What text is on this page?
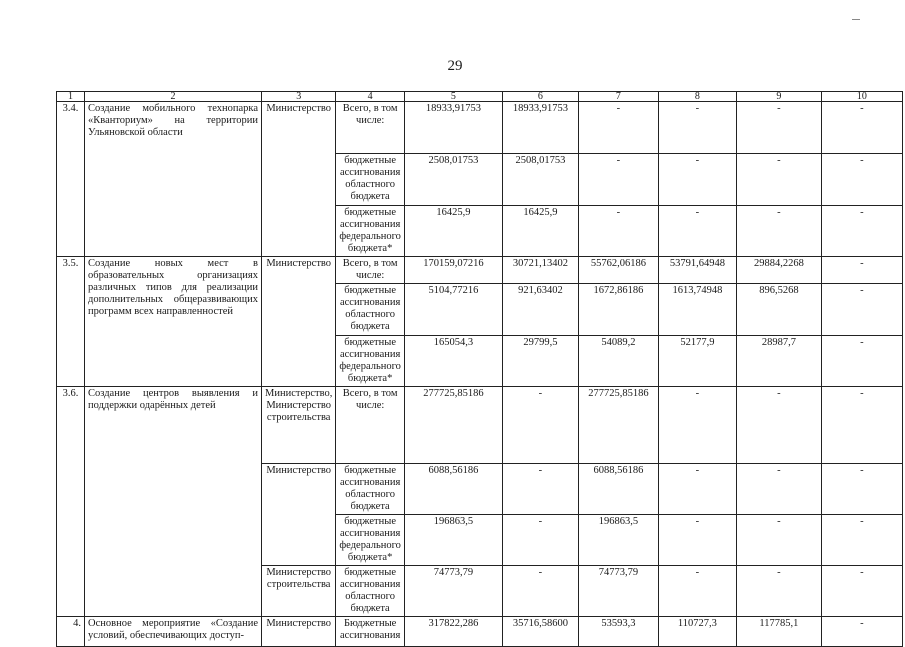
29
1	2	3	4	5	6	7	8	9	10
3.4.	Создание мобильного технопарка «Кванториум» на территории Ульяновской области	Министерство	Всего, в том числе:	18933,91753	18933,91753	-	-	-	-
			бюджетные ассигнования областного бюджета	2508,01753	2508,01753	-	-	-	-
			бюджетные ассигнования федерального бюджета*	16425,9	16425,9	-	-	-	-
3.5.	Создание новых мест в образовательных организациях различных типов для реализации дополнительных общеразвивающих программ всех направленностей	Министерство	Всего, в том числе:	170159,07216	30721,13402	55762,06186	53791,64948	29884,2268	-
			бюджетные ассигнования областного бюджета	5104,77216	921,63402	1672,86186	1613,74948	896,5268	-
			бюджетные ассигнования федерального бюджета*	165054,3	29799,5	54089,2	52177,9	28987,7	-
3.6.	Создание центров выявления и поддержки одарённых детей	Министерство, Министерство строительства	Всего, в том числе:	277725,85186	-	277725,85186	-	-	-
		Министерство	бюджетные ассигнования областного бюджета	6088,56186	-	6088,56186	-	-	-
			бюджетные ассигнования федерального бюджета*	196863,5	-	196863,5	-	-	-
		Министерство строительства	бюджетные ассигнования областного бюджета	74773,79	-	74773,79	-	-	-
4.	Основное мероприятие «Создание условий, обеспечивающих доступ-	Министерство	Бюджетные ассигнования	317822,286	35716,58600	53593,3	110727,3	117785,1	-
